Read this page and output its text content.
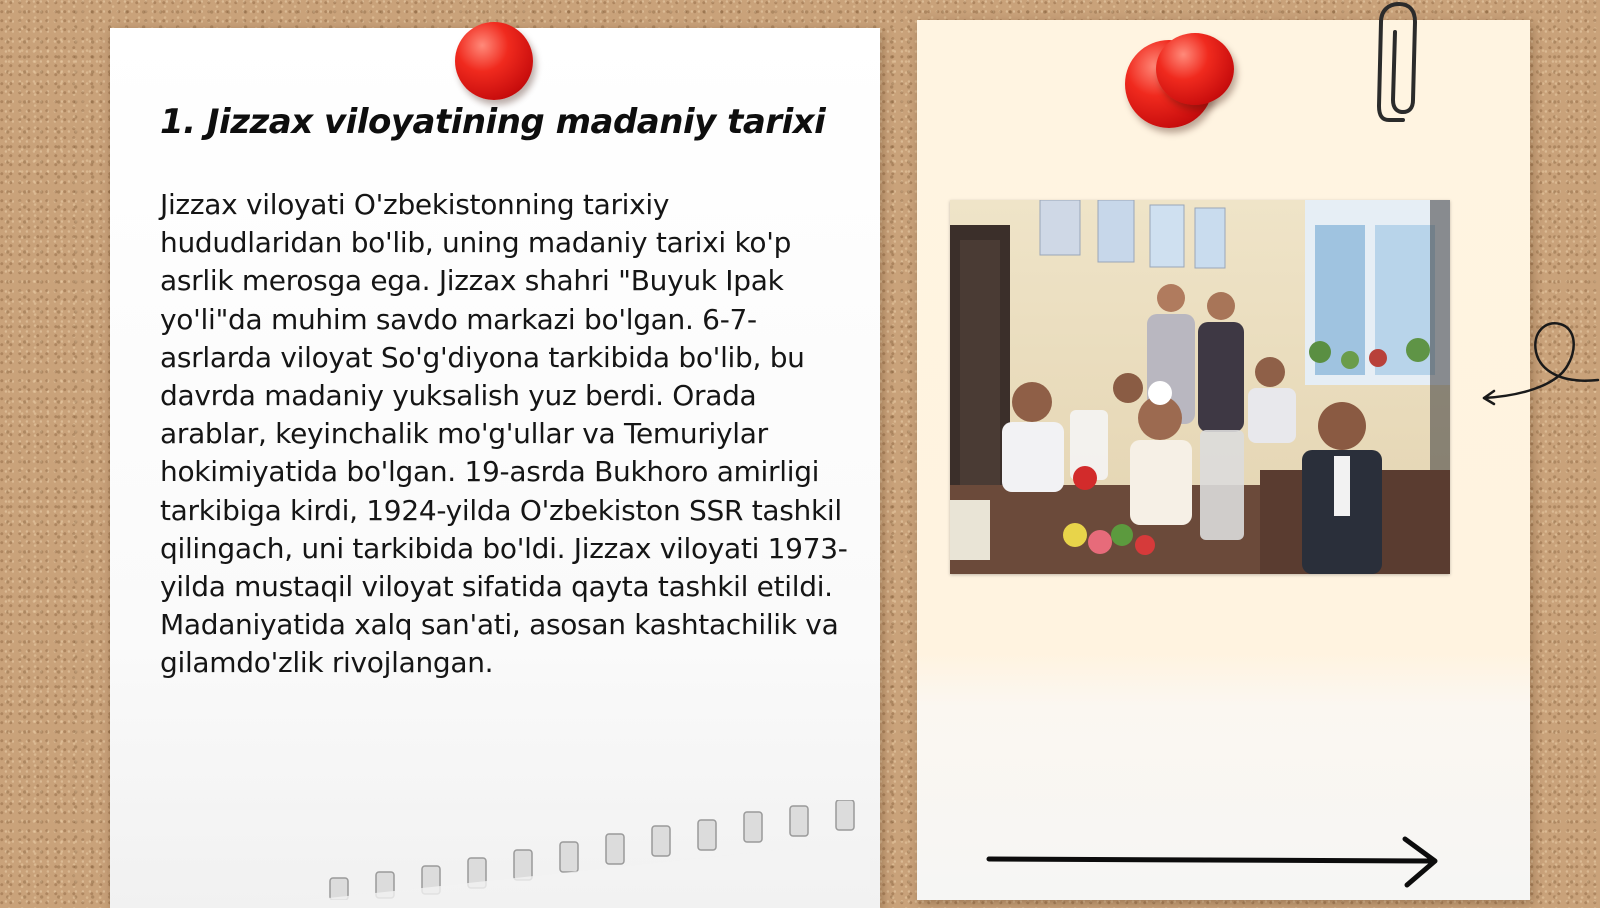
1. Jizzax viloyatining madaniy tarixi

Jizzax viloyati O'zbekistonning tarixiy hududlaridan bo'lib, uning madaniy tarixi ko'p asrlik merosga ega. Jizzax shahri "Buyuk Ipak yo'li"da muhim savdo markazi bo'lgan. 6-7-asrlarda viloyat So'g'diyona tarkibida bo'lib, bu davrda madaniy yuksalish yuz berdi. Orada arablar, keyinchalik mo'g'ullar va Temuriylar hokimiyatida bo'lgan. 19-asrda Bukhoro amirligi tarkibiga kirdi, 1924-yilda O'zbekiston SSR tashkil qilingach, uni tarkibida bo'ldi. Jizzax viloyati 1973-yilda mustaqil viloyat sifatida qayta tashkil etildi. Madaniyatida xalq san'ati, asosan kashtachilik va gilamdo'zlik rivojlangan.
